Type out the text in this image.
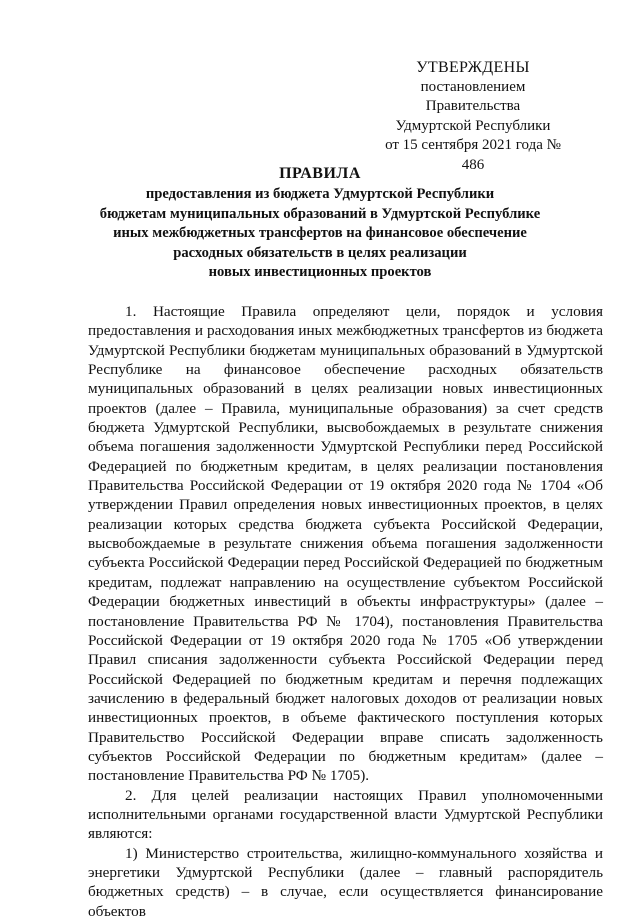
УТВЕРЖДЕНЫ
постановлением Правительства
Удмуртской Республики
от 15 сентября 2021 года № 486
ПРАВИЛА
предоставления из бюджета Удмуртской Республики
бюджетам муниципальных образований в Удмуртской Республике
иных межбюджетных трансфертов на финансовое обеспечение
расходных обязательств в целях реализации
новых инвестиционных проектов

1. Настоящие Правила определяют цели, порядок и условия предоставления и расходования иных межбюджетных трансфертов из бюджета Удмуртской Республики бюджетам муниципальных образований в Удмуртской Республике на финансовое обеспечение расходных обязательств муниципальных образований в целях реализации новых инвестиционных проектов (далее – Правила, муниципальные образования) за счет средств бюджета Удмуртской Республики, высвобождаемых в результате снижения объема погашения задолженности Удмуртской Республики перед Российской Федерацией по бюджетным кредитам, в целях реализации постановления Правительства Российской Федерации от 19 октября 2020 года № 1704 «Об утверждении Правил определения новых инвестиционных проектов, в целях реализации которых средства бюджета субъекта Российской Федерации, высвобождаемые в результате снижения объема погашения задолженности субъекта Российской Федерации перед Российской Федерацией по бюджетным кредитам, подлежат направлению на осуществление субъектом Российской Федерации бюджетных инвестиций в объекты инфраструктуры» (далее – постановление Правительства РФ № 1704), постановления Правительства Российской Федерации от 19 октября 2020 года № 1705 «Об утверждении Правил списания задолженности субъекта Российской Федерации перед Российской Федерацией по бюджетным кредитам и перечня подлежащих зачислению в федеральный бюджет налоговых доходов от реализации новых инвестиционных проектов, в объеме фактического поступления которых Правительство Российской Федерации вправе списать задолженность субъектов Российской Федерации по бюджетным кредитам» (далее – постановление Правительства РФ № 1705).

2. Для целей реализации настоящих Правил уполномоченными исполнительными органами государственной власти Удмуртской Республики являются:

1) Министерство строительства, жилищно-коммунального хозяйства и энергетики Удмуртской Республики (далее – главный распорядитель бюджетных средств) – в случае, если осуществляется финансирование объектов
